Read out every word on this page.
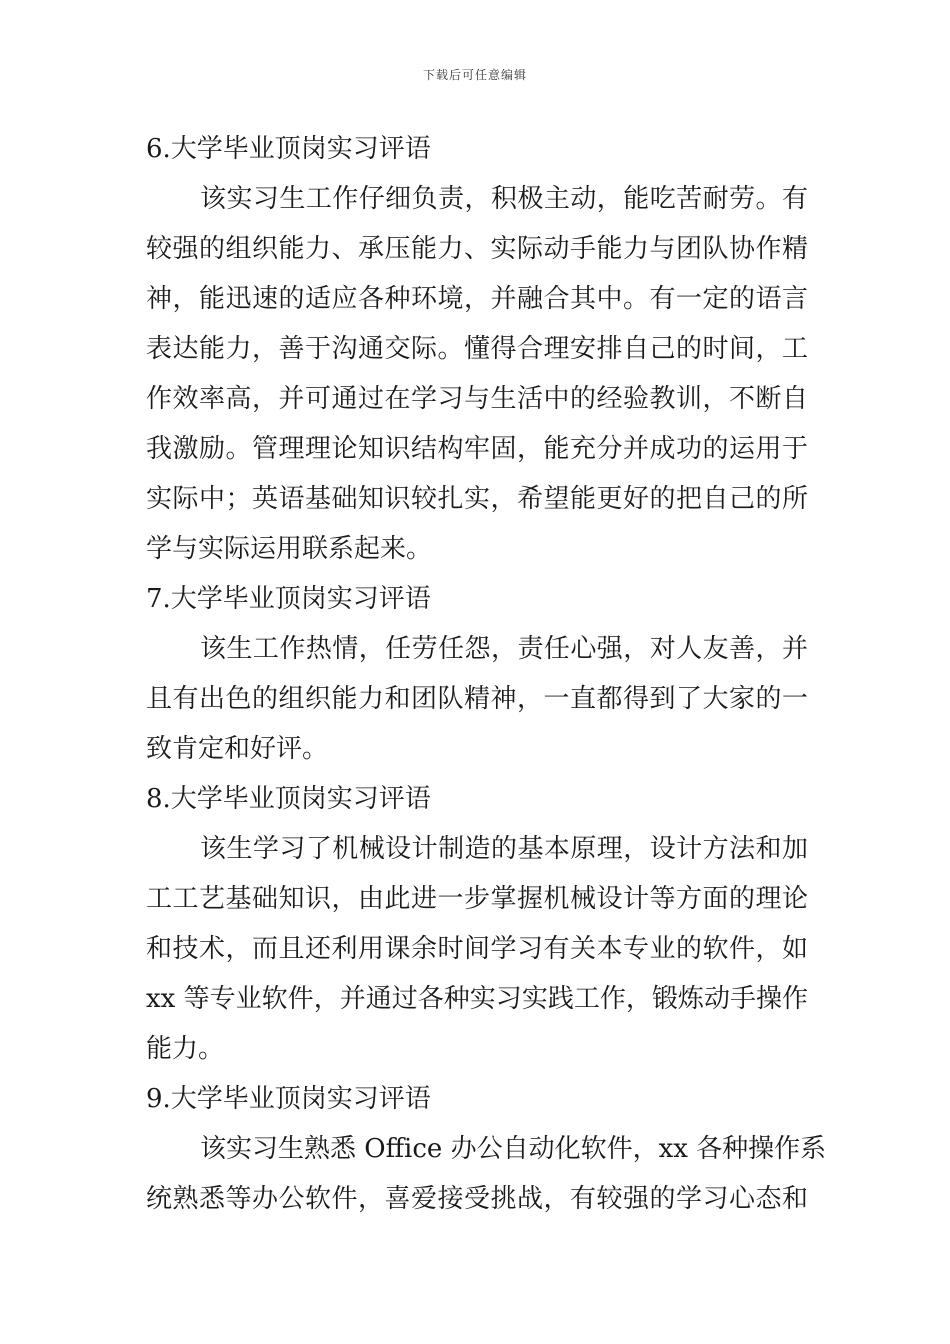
下载后可任意编辑
6.大学毕业顶岗实习评语

该实习生工作仔细负责，积极主动，能吃苦耐劳。有
较强的组织能力、承压能力、实际动手能力与团队协作精
神，能迅速的适应各种环境，并融合其中。有一定的语言
表达能力，善于沟通交际。懂得合理安排自己的时间，工
作效率高，并可通过在学习与生活中的经验教训，不断自
我激励。管理理论知识结构牢固，能充分并成功的运用于
实际中；英语基础知识较扎实，希望能更好的把自己的所
学与实际运用联系起来。

7.大学毕业顶岗实习评语

该生工作热情，任劳任怨，责任心强，对人友善，并
且有出色的组织能力和团队精神，一直都得到了大家的一
致肯定和好评。

8.大学毕业顶岗实习评语

该生学习了机械设计制造的基本原理，设计方法和加
工工艺基础知识，由此进一步掌握机械设计等方面的理论
和技术，而且还利用课余时间学习有关本专业的软件，如
xx 等专业软件，并通过各种实习实践工作，锻炼动手操作
能力。

9.大学毕业顶岗实习评语

该实习生熟悉 Office 办公自动化软件，xx 各种操作系
统熟悉等办公软件，喜爱接受挑战，有较强的学习心态和
